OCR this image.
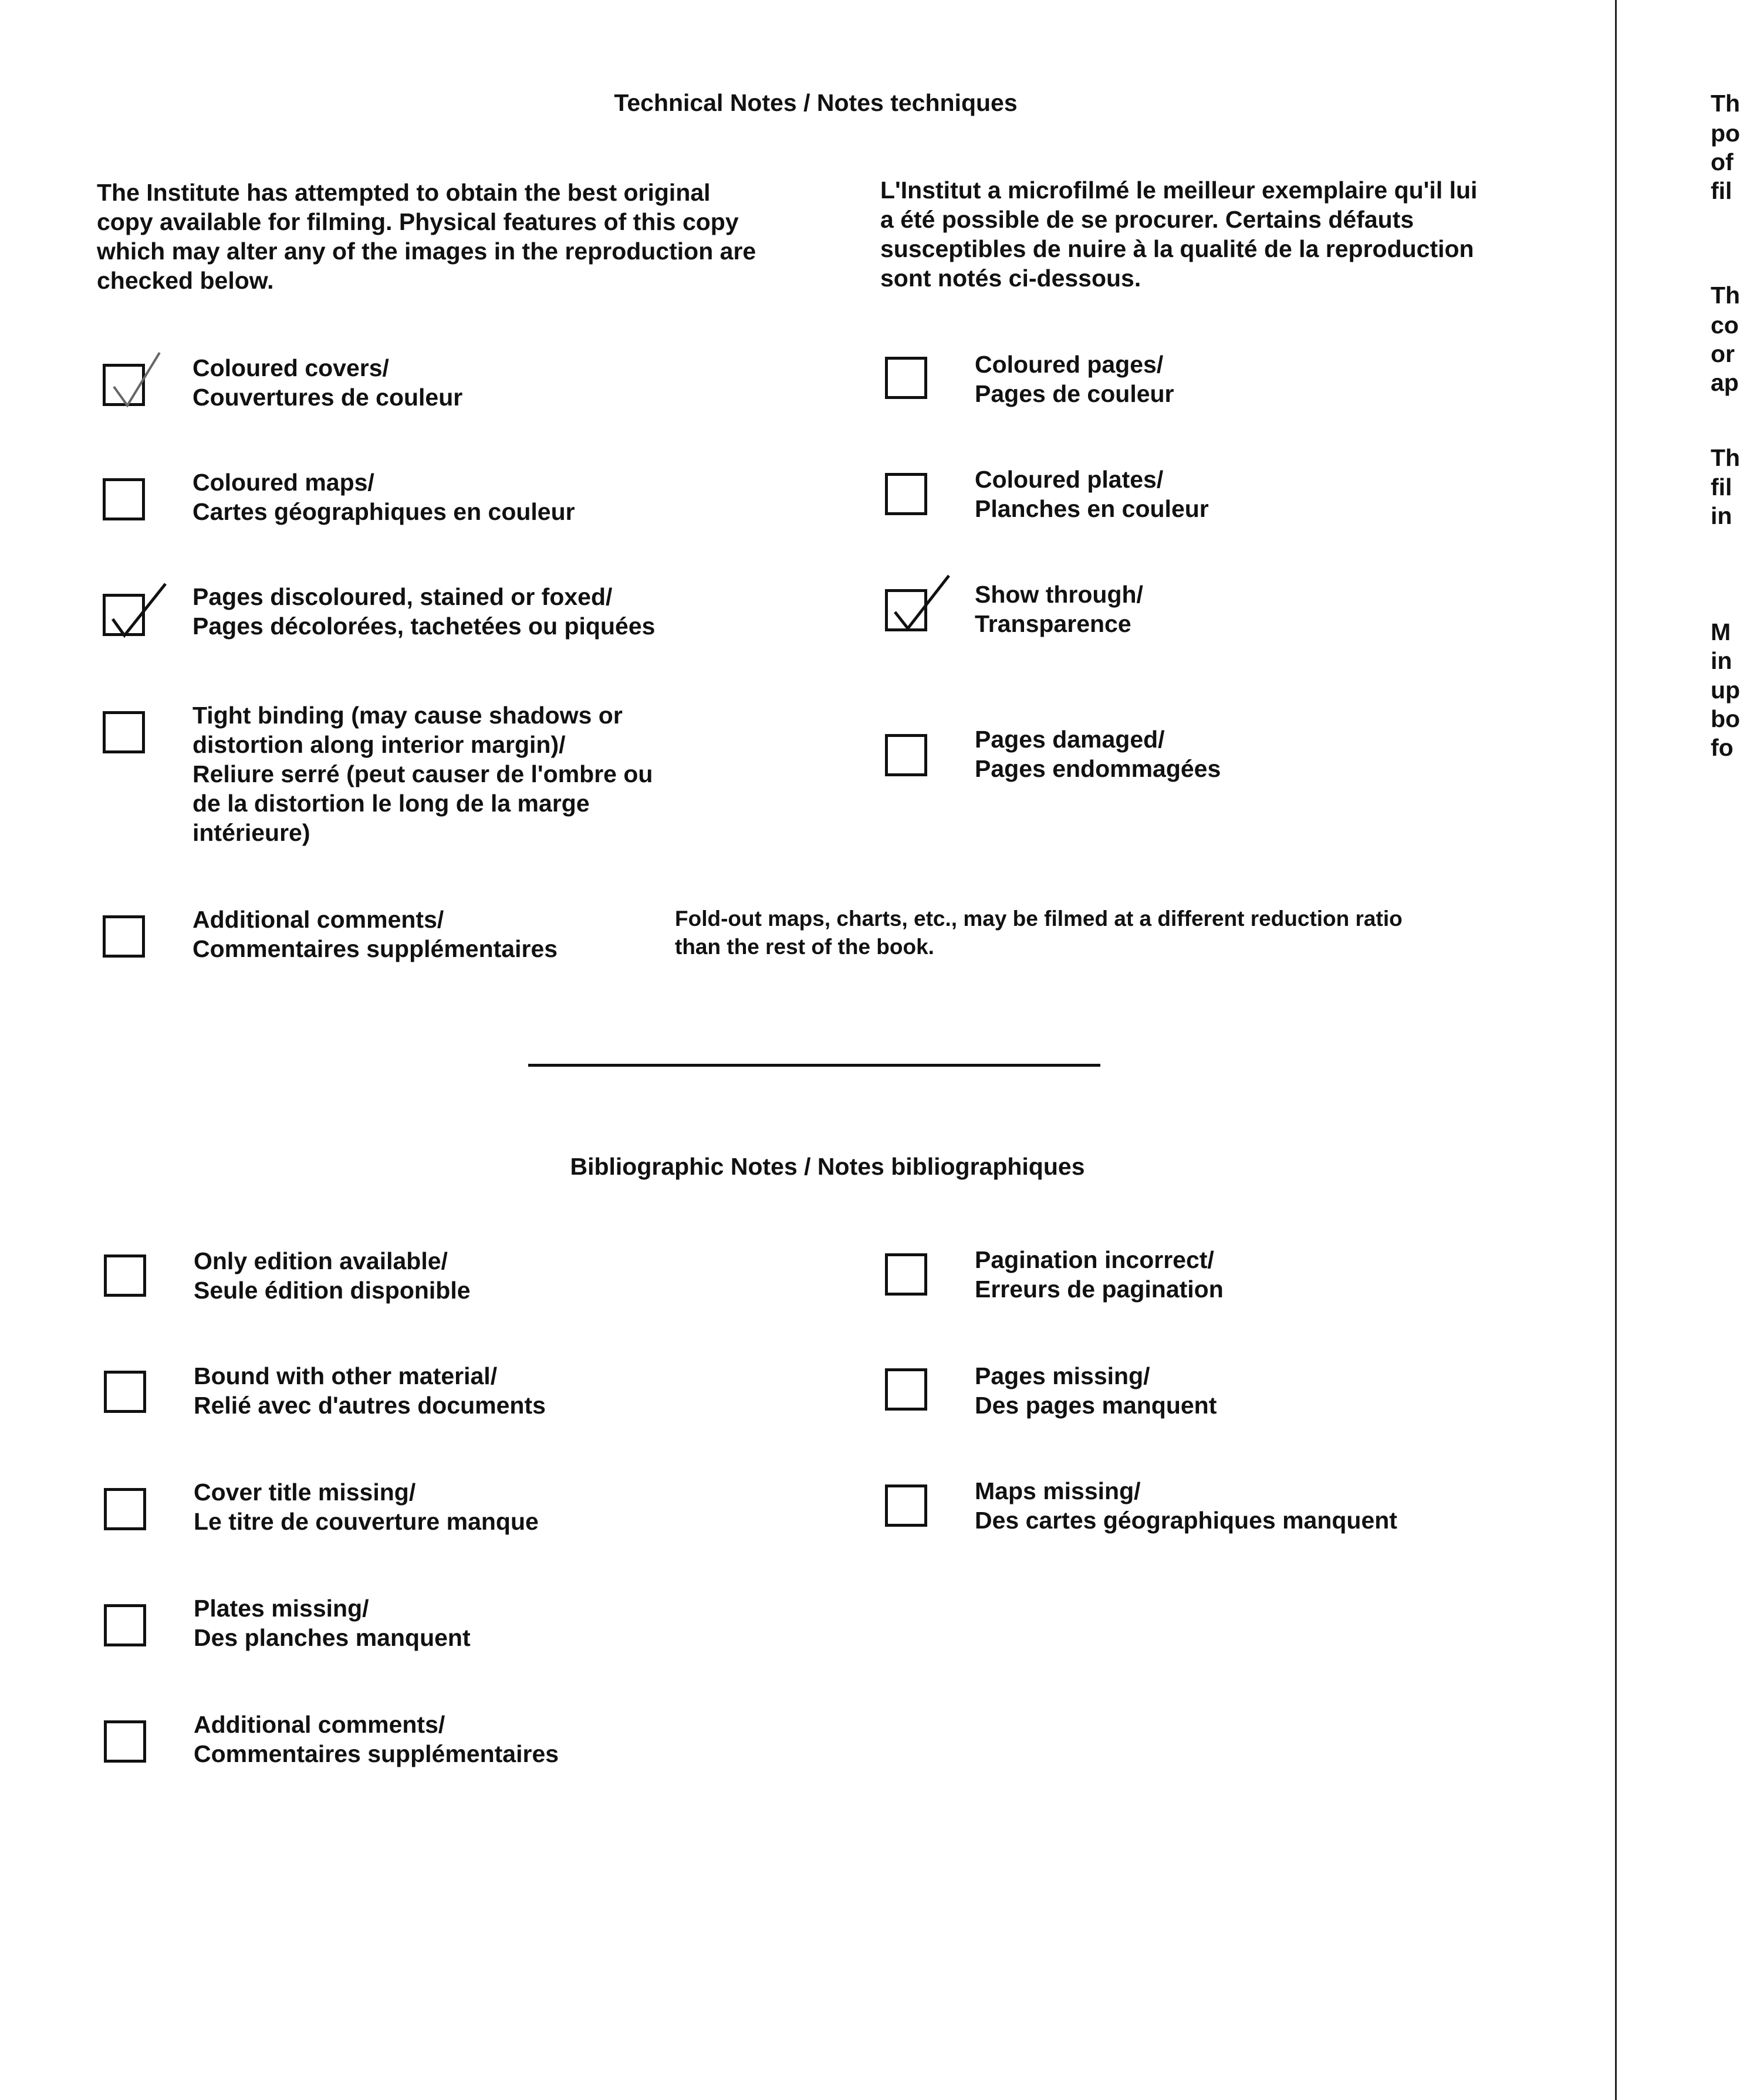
Technical Notes / Notes techniques
The Institute has attempted to obtain the best original copy available for filming. Physical features of this copy which may alter any of the images in the reproduction are checked below.
L'Institut a microfilmé le meilleur exemplaire qu'il lui a été possible de se procurer. Certains défauts susceptibles de nuire à la qualité de la reproduction sont notés ci-dessous.
Coloured covers/
Couvertures de couleur
Coloured maps/
Cartes géographiques en couleur
Pages discoloured, stained or foxed/
Pages décolorées, tachetées ou piquées
Tight binding (may cause shadows or
distortion along interior margin)/
Reliure serré (peut causer de l'ombre ou
de la distortion le long de la marge
intérieure)
Additional comments/
Commentaires supplémentaires
Fold-out maps, charts, etc., may be filmed at a different reduction ratio
than the rest of the book.
Coloured pages/
Pages de couleur
Coloured plates/
Planches en couleur
Show through/
Transparence
Pages damaged/
Pages endommagées
Bibliographic Notes / Notes bibliographiques
Only edition available/
Seule édition disponible
Bound with other material/
Relié avec d'autres documents
Cover title missing/
Le titre de couverture manque
Plates missing/
Des planches manquent
Additional comments/
Commentaires supplémentaires
Pagination incorrect/
Erreurs de pagination
Pages missing/
Des pages manquent
Maps missing/
Des cartes géographiques manquent
Th
po
of
fil
Th
co
or
ap
Th
fil
in
M
in
up
bo
fo
